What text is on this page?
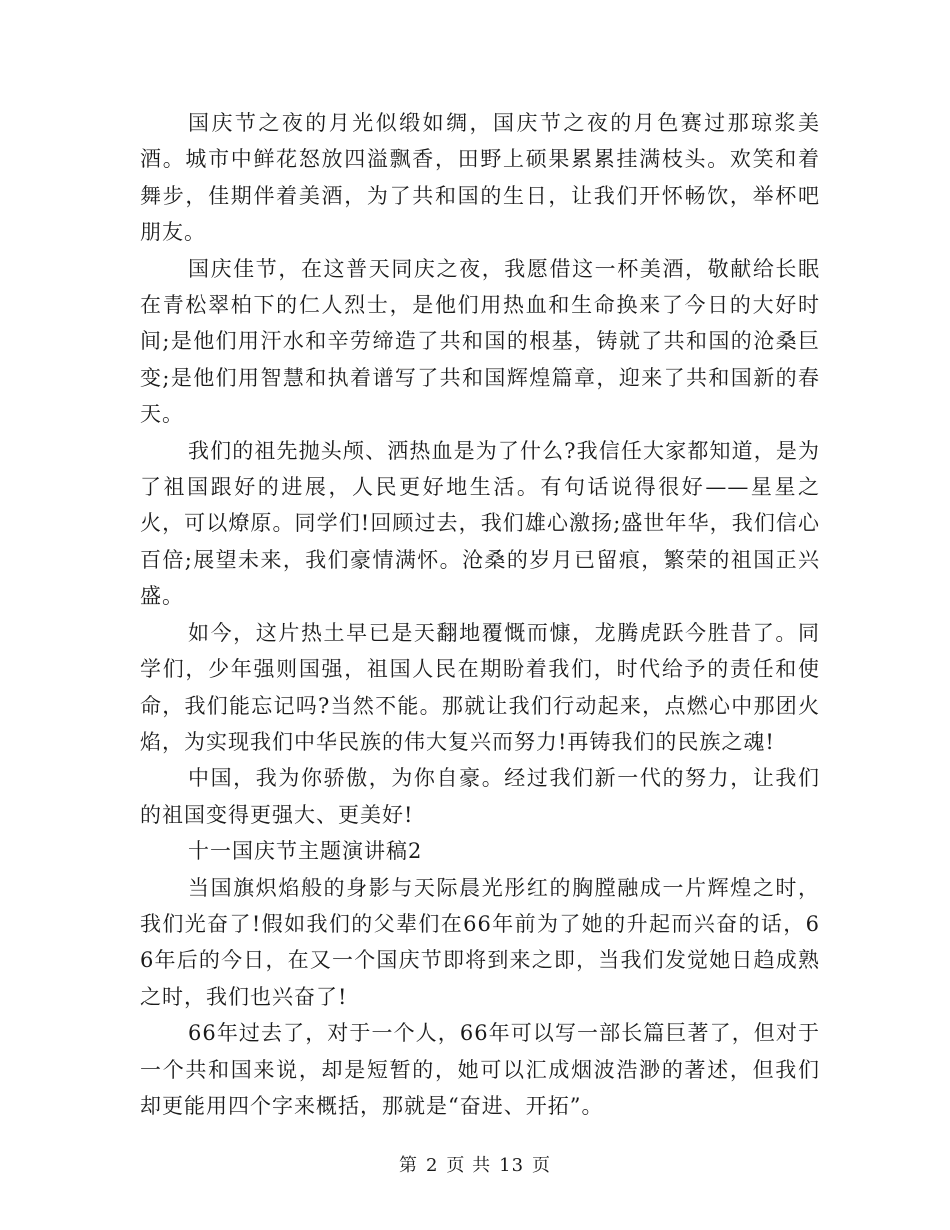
国庆节之夜的月光似缎如绸，国庆节之夜的月色赛过那琼浆美酒。城市中鲜花怒放四溢飘香，田野上硕果累累挂满枝头。欢笑和着舞步，佳期伴着美酒，为了共和国的生日，让我们开怀畅饮，举杯吧朋友。

国庆佳节，在这普天同庆之夜，我愿借这一杯美酒，敬献给长眠在青松翠柏下的仁人烈士，是他们用热血和生命换来了今日的大好时间;是他们用汗水和辛劳缔造了共和国的根基，铸就了共和国的沧桑巨变;是他们用智慧和执着谱写了共和国辉煌篇章，迎来了共和国新的春天。

我们的祖先抛头颅、洒热血是为了什么?我信任大家都知道，是为了祖国跟好的进展，人民更好地生活。有句话说得很好——星星之火，可以燎原。同学们!回顾过去，我们雄心激扬;盛世年华，我们信心百倍;展望未来，我们豪情满怀。沧桑的岁月已留痕，繁荣的祖国正兴盛。

如今，这片热土早已是天翻地覆慨而慷，龙腾虎跃今胜昔了。同学们，少年强则国强，祖国人民在期盼着我们，时代给予的责任和使命，我们能忘记吗?当然不能。那就让我们行动起来，点燃心中那团火焰，为实现我们中华民族的伟大复兴而努力!再铸我们的民族之魂!

中国，我为你骄傲，为你自豪。经过我们新一代的努力，让我们的祖国变得更强大、更美好!

十一国庆节主题演讲稿2

当国旗炽焰般的身影与天际晨光彤红的胸膛融成一片辉煌之时，我们光奋了!假如我们的父辈们在66年前为了她的升起而兴奋的话，66年后的今日，在又一个国庆节即将到来之即，当我们发觉她日趋成熟之时，我们也兴奋了!

66年过去了，对于一个人，66年可以写一部长篇巨著了，但对于一个共和国来说，却是短暂的，她可以汇成烟波浩渺的著述，但我们却更能用四个字来概括，那就是“奋进、开拓”。

第 2 页 共 13 页
